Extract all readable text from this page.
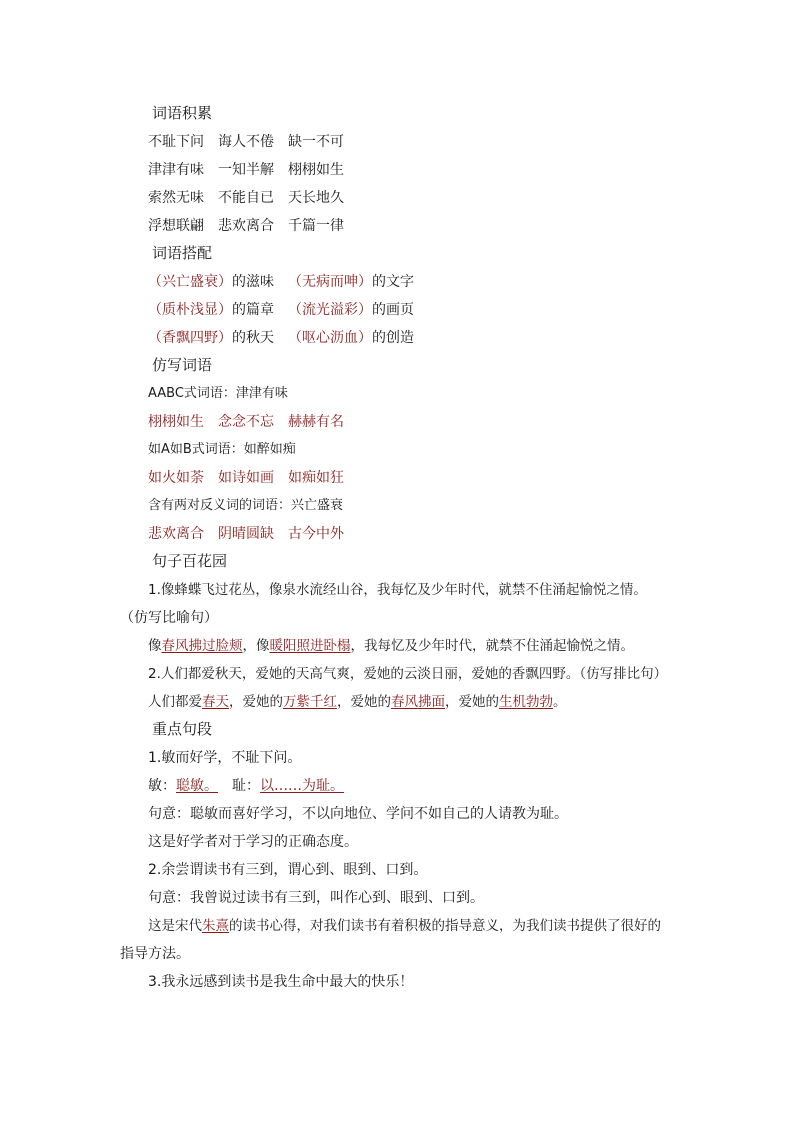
词语积累
不耻下问 诲人不倦 缺一不可
津津有味 一知半解 栩栩如生
索然无味 不能自已 天长地久
浮想联翩 悲欢离合 千篇一律
词语搭配
（兴亡盛衰）的滋味 （无病而呻）的文字
（质朴浅显）的篇章 （流光溢彩）的画页
（香飘四野）的秋天 （呕心沥血）的创造
仿写词语
AABC式词语：津津有味
栩栩如生 念念不忘 赫赫有名
如A如B式词语：如醉如痴
如火如荼 如诗如画 如痴如狂
含有两对反义词的词语：兴亡盛衰
悲欢离合 阴晴圆缺 古今中外
句子百花园
1.像蜂蝶飞过花丛，像泉水流经山谷，我每忆及少年时代，就禁不住涌起愉悦之情。
（仿写比喻句）
像春风拂过脸颊，像暖阳照进卧榻，我每忆及少年时代，就禁不住涌起愉悦之情。
2.人们都爱秋天，爱她的天高气爽，爱她的云淡日丽，爱她的香飘四野。（仿写排比句）
人们都爱春天，爱她的万紫千红，爱她的春风拂面，爱她的生机勃勃。
重点句段
1.敏而好学，不耻下问。
敏：聪敏。 耻：以……为耻。
句意：聪敏而喜好学习，不以向地位、学问不如自己的人请教为耻。
这是好学者对于学习的正确态度。
2.余尝谓读书有三到，谓心到、眼到、口到。
句意：我曾说过读书有三到，叫作心到、眼到、口到。
这是宋代朱熹的读书心得，对我们读书有着积极的指导意义，为我们读书提供了很好的
指导方法。
3.我永远感到读书是我生命中最大的快乐！
